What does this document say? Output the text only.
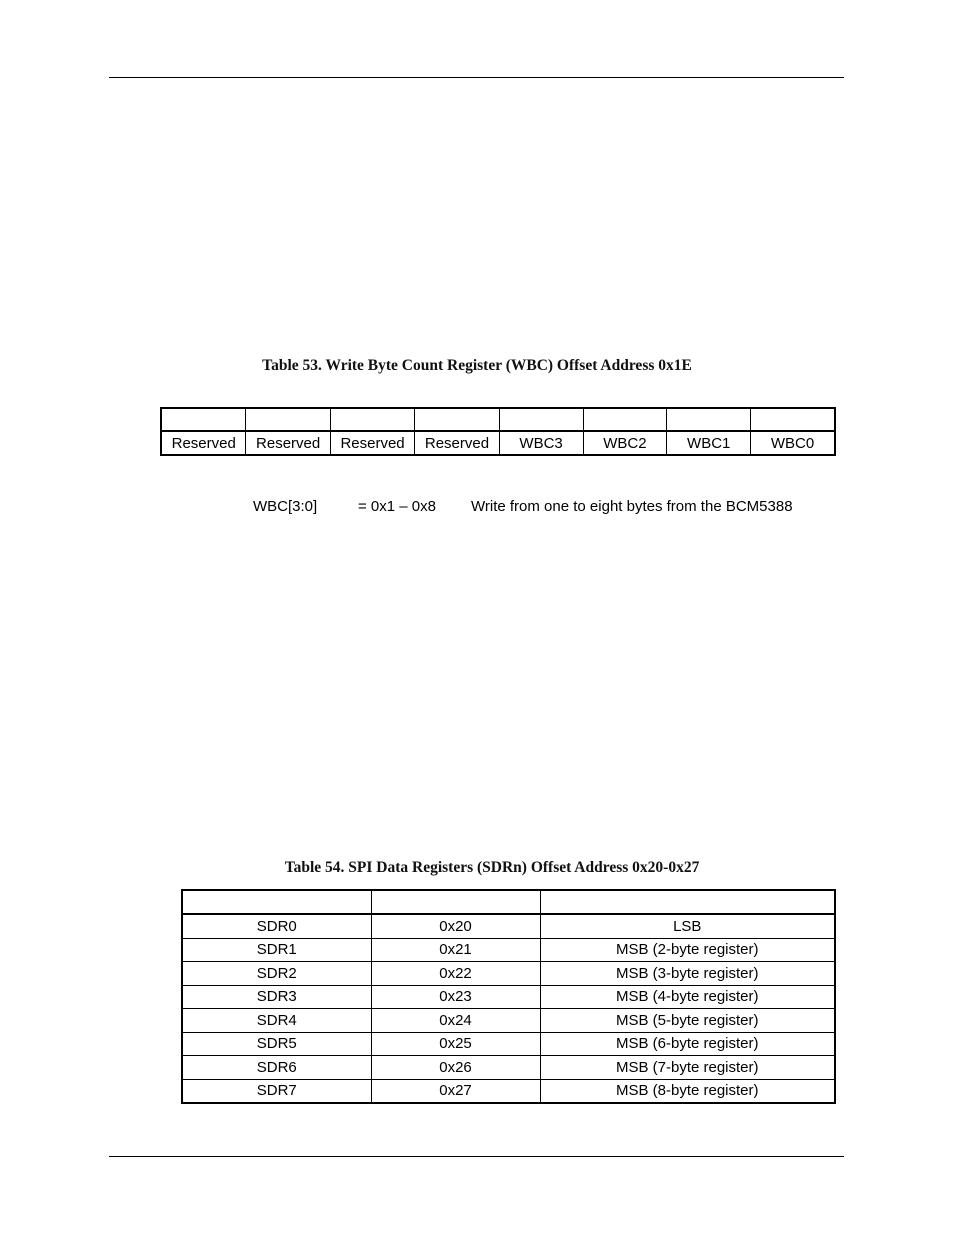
Table 53. Write Byte Count Register (WBC) Offset Address 0x1E

Reserved	Reserved	Reserved	Reserved	WBC3	WBC2	WBC1	WBC0
WBC[3:0]	= 0x1 – 0x8 Write from one to eight bytes from the BCM5388
Table 54. SPI Data Registers (SDRn) Offset Address 0x20-0x27

SDR0	0x20	LSB
SDR1	0x21	MSB (2-byte register)
SDR2	0x22	MSB (3-byte register)
SDR3	0x23	MSB (4-byte register)
SDR4	0x24	MSB (5-byte register)
SDR5	0x25	MSB (6-byte register)
SDR6	0x26	MSB (7-byte register)
SDR7	0x27	MSB (8-byte register)
